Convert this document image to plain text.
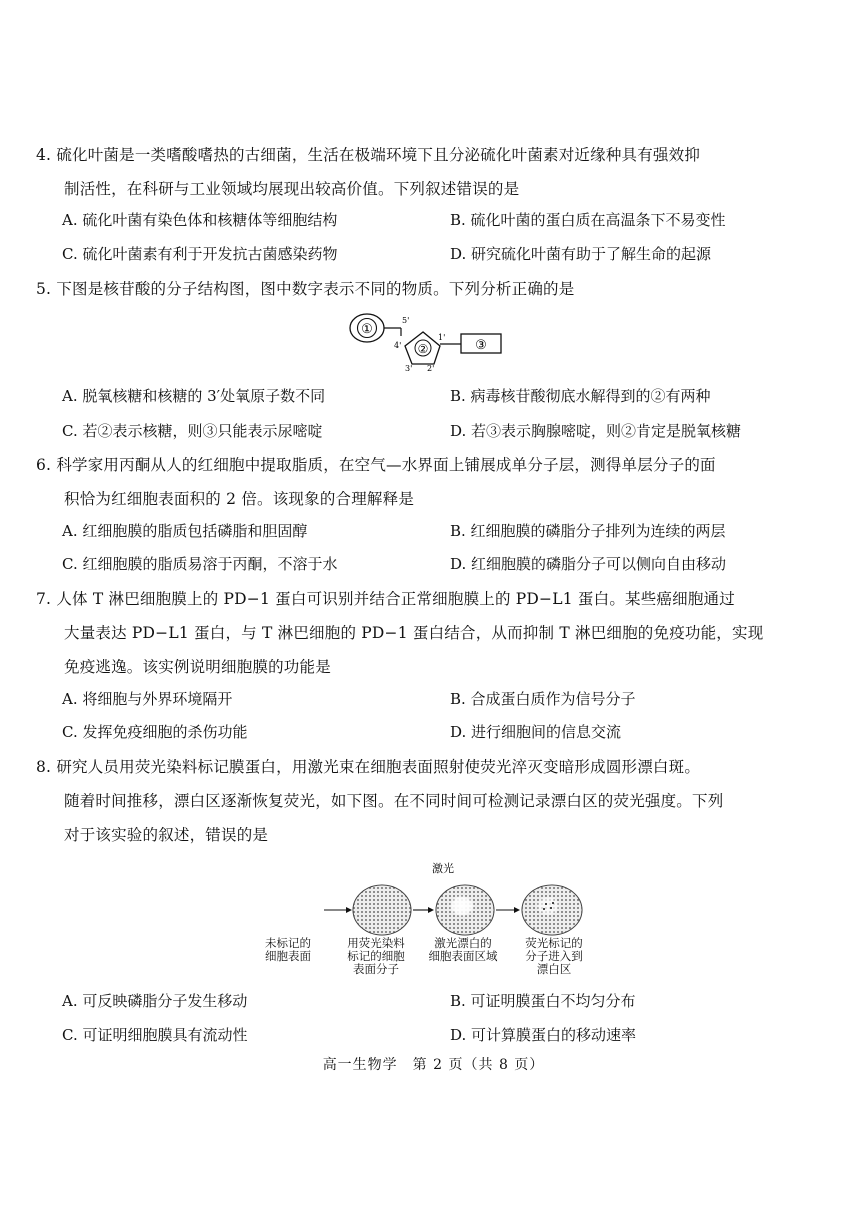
4. 硫化叶菌是一类嗜酸嗜热的古细菌，生活在极端环境下且分泌硫化叶菌素对近缘种具有强效抑

制活性，在科研与工业领域均展现出较高价值。下列叙述错误的是
A. 硫化叶菌有染色体和核糖体等细胞结构	B. 硫化叶菌的蛋白质在高温条下不易变性
C. 硫化叶菌素有利于开发抗古菌感染药物	D. 研究硫化叶菌有助于了解生命的起源
5. 下图是核苷酸的分子结构图，图中数字表示不同的物质。下列分析正确的是
①
5'
②
4'
3' 2'
1'
③
A. 脱氧核糖和核糖的 3′处氧原子数不同	B. 病毒核苷酸彻底水解得到的②有两种
C. 若②表示核糖，则③只能表示尿嘧啶	D. 若③表示胸腺嘧啶，则②肯定是脱氧核糖
6. 科学家用丙酮从人的红细胞中提取脂质，在空气—水界面上铺展成单分子层，测得单层分子的面

积恰为红细胞表面积的 2 倍。该现象的合理解释是
A. 红细胞膜的脂质包括磷脂和胆固醇	B. 红细胞膜的磷脂分子排列为连续的两层
C. 红细胞膜的脂质易溶于丙酮，不溶于水	D. 红细胞膜的磷脂分子可以侧向自由移动
7. 人体 T 淋巴细胞膜上的 PD−1 蛋白可识别并结合正常细胞膜上的 PD−L1 蛋白。某些癌细胞通过

大量表达 PD−L1 蛋白，与 T 淋巴细胞的 PD−1 蛋白结合，从而抑制 T 淋巴细胞的免疫功能，实现
免疫逃逸。该实例说明细胞膜的功能是
A. 将细胞与外界环境隔开	B. 合成蛋白质作为信号分子
C. 发挥免疫细胞的杀伤功能	D. 进行细胞间的信息交流
8. 研究人员用荧光染料标记膜蛋白，用激光束在细胞表面照射使荧光淬灭变暗形成圆形漂白斑。

随着时间推移，漂白区逐渐恢复荧光，如下图。在不同时间可检测记录漂白区的荧光强度。下列
对于该实验的叙述，错误的是
激光
未标记的
细胞表面
用荧光染料
标记的细胞
表面分子
激光漂白的
细胞表面区域
荧光标记的
分子进入到
漂白区
A. 可反映磷脂分子发生移动	B. 可证明膜蛋白不均匀分布
C. 可证明细胞膜具有流动性	D. 可计算膜蛋白的移动速率
高一生物学　第 2 页（共 8 页）
